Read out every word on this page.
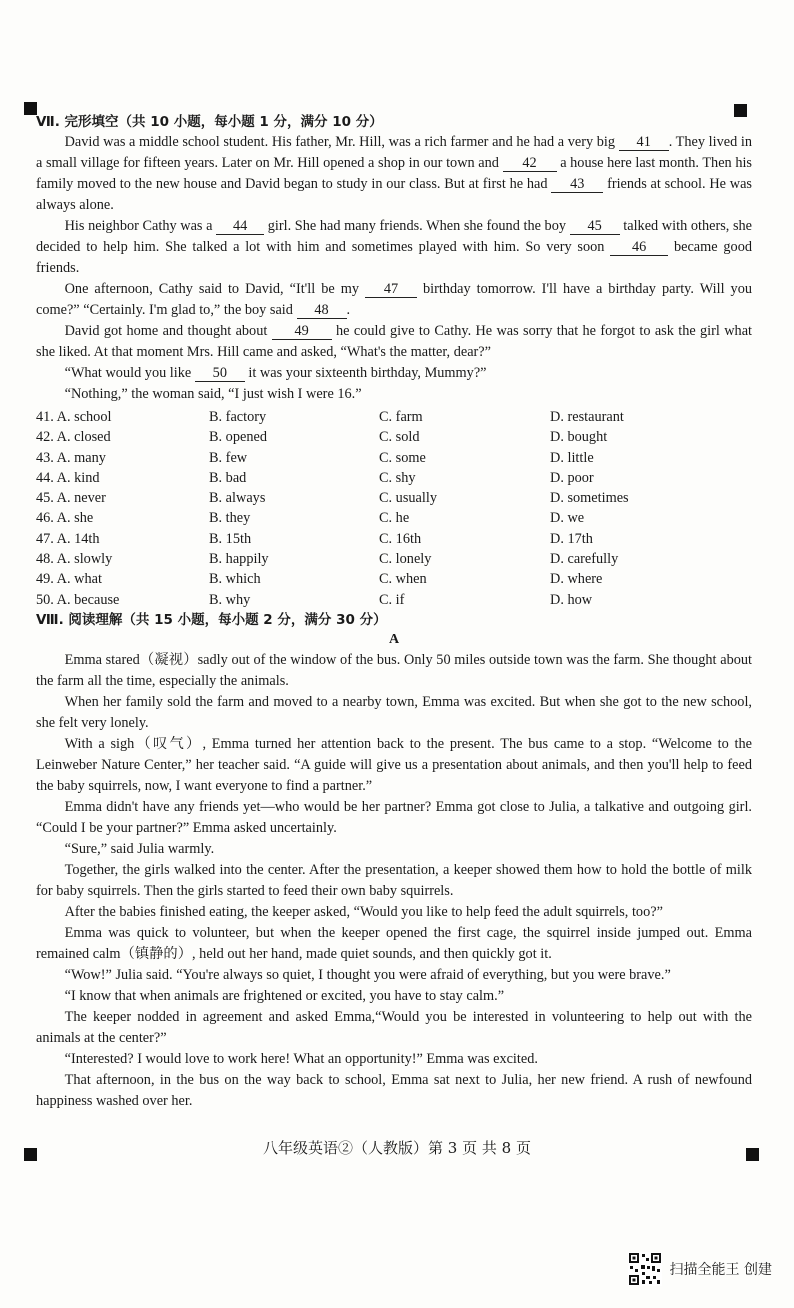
Ⅶ. 完形填空（共 10 小题，每小题 1 分，满分 10 分）

David was a middle school student. His father, Mr. Hill, was a rich farmer and he had a very big 41 . They lived in a small village for fifteen years. Later on Mr. Hill opened a shop in our town and 42 a house here last month. Then his family moved to the new house and David began to study in our class. But at first he had 43 friends at school. He was always alone.

His neighbor Cathy was a 44 girl. She had many friends. When she found the boy 45 talked with others, she decided to help him. She talked a lot with him and sometimes played with him. So very soon 46 became good friends.

One afternoon, Cathy said to David, “It'll be my 47 birthday tomorrow. I'll have a birthday party. Will you come?” “Certainly. I'm glad to,” the boy said 48 .

David got home and thought about 49 he could give to Cathy. He was sorry that he forgot to ask the girl what she liked. At that moment Mrs. Hill came and asked, “What's the matter, dear?”

“What would you like 50 it was your sixteenth birthday, Mummy?”

“Nothing,” the woman said, “I just wish I were 16.”

41. A. school	B. factory	C. farm	D. restaurant
42. A. closed	B. opened	C. sold	D. bought
43. A. many	B. few	C. some	D. little
44. A. kind	B. bad	C. shy	D. poor
45. A. never	B. always	C. usually	D. sometimes
46. A. she	B. they	C. he	D. we
47. A. 14th	B. 15th	C. 16th	D. 17th
48. A. slowly	B. happily	C. lonely	D. carefully
49. A. what	B. which	C. when	D. where
50. A. because	B. why	C. if	D. how
Ⅷ. 阅读理解（共 15 小题，每小题 2 分，满分 30 分）

A

Emma stared（凝视）sadly out of the window of the bus. Only 50 miles outside town was the farm. She thought about the farm all the time, especially the animals.

When her family sold the farm and moved to a nearby town, Emma was excited. But when she got to the new school, she felt very lonely.

With a sigh（叹气）, Emma turned her attention back to the present. The bus came to a stop. “Welcome to the Leinweber Nature Center,” her teacher said. “A guide will give us a presentation about animals, and then you'll help to feed the baby squirrels, now, I want everyone to find a partner.”

Emma didn't have any friends yet—who would be her partner? Emma got close to Julia, a talkative and outgoing girl. “Could I be your partner?” Emma asked uncertainly.

“Sure,” said Julia warmly.

Together, the girls walked into the center. After the presentation, a keeper showed them how to hold the bottle of milk for baby squirrels. Then the girls started to feed their own baby squirrels.

After the babies finished eating, the keeper asked, “Would you like to help feed the adult squirrels, too?”

Emma was quick to volunteer, but when the keeper opened the first cage, the squirrel inside jumped out. Emma remained calm（镇静的）, held out her hand, made quiet sounds, and then quickly got it.

“Wow!” Julia said. “You're always so quiet, I thought you were afraid of everything, but you were brave.”

“I know that when animals are frightened or excited, you have to stay calm.”

The keeper nodded in agreement and asked Emma,“Would you be interested in volunteering to help out with the animals at the center?”

“Interested? I would love to work here! What an opportunity!” Emma was excited.

That afternoon, in the bus on the way back to school, Emma sat next to Julia, her new friend. A rush of newfound happiness washed over her.

八年级英语②（人教版）第 3 页 共 8 页
扫描全能王 创建
